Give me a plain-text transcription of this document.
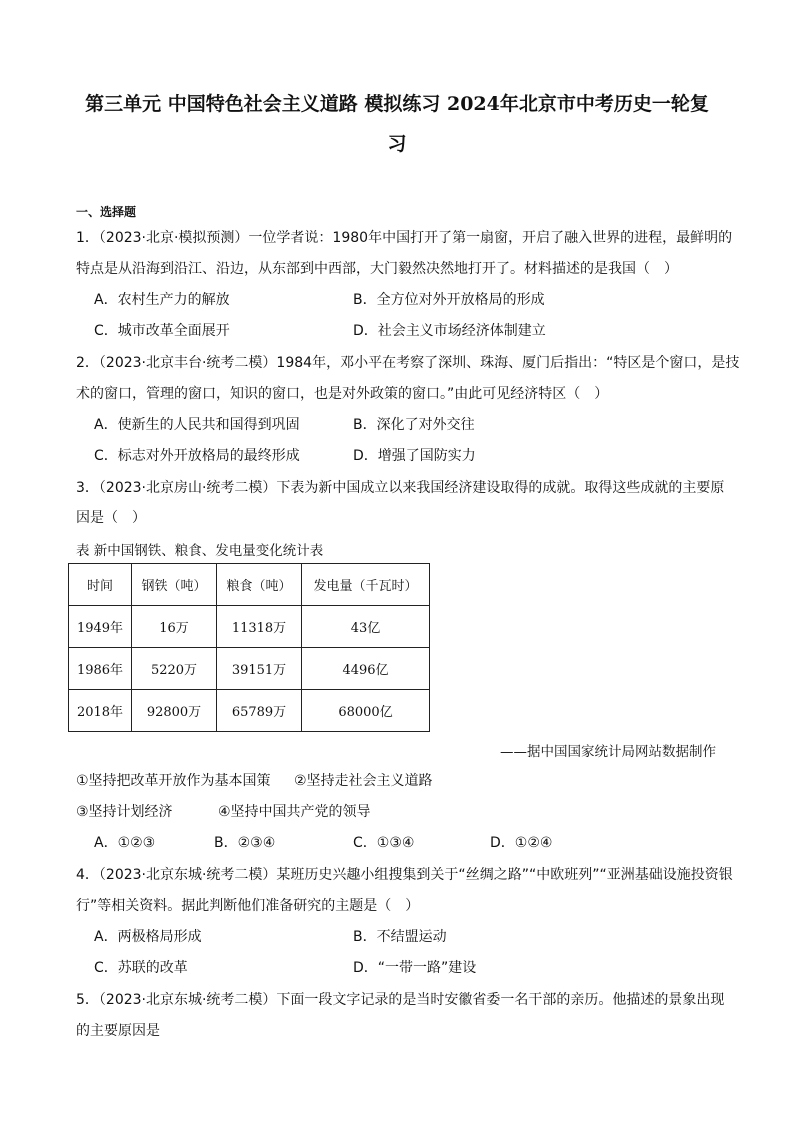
第三单元 中国特色社会主义道路 模拟练习 2024年北京市中考历史一轮复
习
一、选择题
1．（2023·北京·模拟预测）一位学者说：1980年中国打开了第一扇窗，开启了融入世界的进程，最鲜明的
特点是从沿海到沿江、沿边，从东部到中西部，大门毅然决然地打开了。材料描述的是我国（　）
A．农村生产力的解放	B．全方位对外开放格局的形成
C．城市改革全面展开	D．社会主义市场经济体制建立
2．（2023·北京丰台·统考二模）1984年，邓小平在考察了深圳、珠海、厦门后指出：“特区是个窗口，是技
术的窗口，管理的窗口，知识的窗口，也是对外政策的窗口。”由此可见经济特区（　）
A．使新生的人民共和国得到巩固	B．深化了对外交往
C．标志对外开放格局的最终形成	D．增强了国防实力
3．（2023·北京房山·统考二模）下表为新中国成立以来我国经济建设取得的成就。取得这些成就的主要原
因是（　）
表 新中国钢铁、粮食、发电量变化统计表
时间	钢铁（吨）	粮食（吨）	发电量（千瓦时）
1949年	16万	11318万	43亿
1986年	5220万	39151万	4496亿
2018年	92800万	65789万	68000亿
——据中国国家统计局网站数据制作
①坚持把改革开放作为基本国策 ②坚持走社会主义道路
③坚持计划经济	④坚持中国共产党的领导
A．①②③	B．②③④	C．①③④	D．①②④
4．（2023·北京东城·统考二模）某班历史兴趣小组搜集到关于“丝绸之路”“中欧班列”“亚洲基础设施投资银
行”等相关资料。据此判断他们准备研究的主题是（　）
A．两极格局形成	B．不结盟运动
C．苏联的改革	D．“一带一路”建设
5．（2023·北京东城·统考二模）下面一段文字记录的是当时安徽省委一名干部的亲历。他描述的景象出现
的主要原因是
